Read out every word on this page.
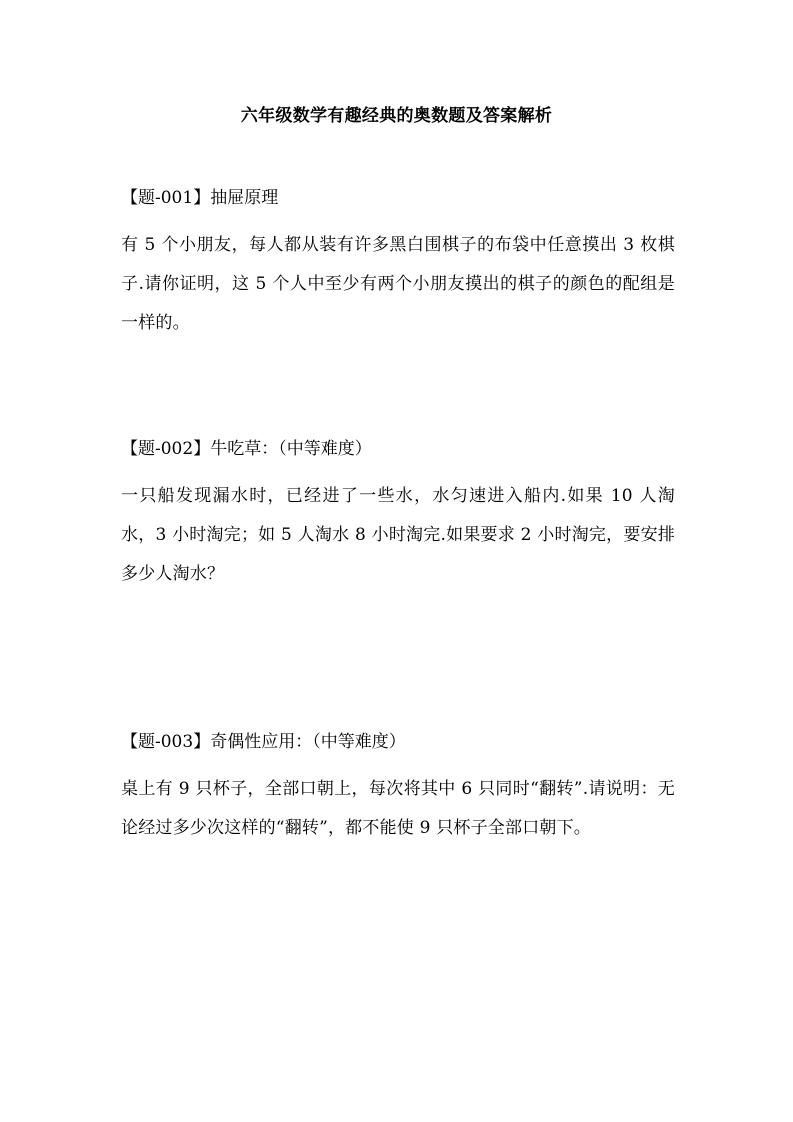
六年级数学有趣经典的奥数题及答案解析
【题-001】抽屉原理
有 5 个小朋友，每人都从装有许多黑白围棋子的布袋中任意摸出 3 枚棋子.请你证明，这 5 个人中至少有两个小朋友摸出的棋子的颜色的配组是一样的。
【题-002】牛吃草：（中等难度）
一只船发现漏水时，已经进了一些水，水匀速进入船内.如果 10 人淘水，3 小时淘完；如 5 人淘水 8 小时淘完.如果要求 2 小时淘完，要安排多少人淘水？
【题-003】奇偶性应用：（中等难度）
桌上有 9 只杯子，全部口朝上，每次将其中 6 只同时“翻转”.请说明：无论经过多少次这样的“翻转”，都不能使 9 只杯子全部口朝下。
